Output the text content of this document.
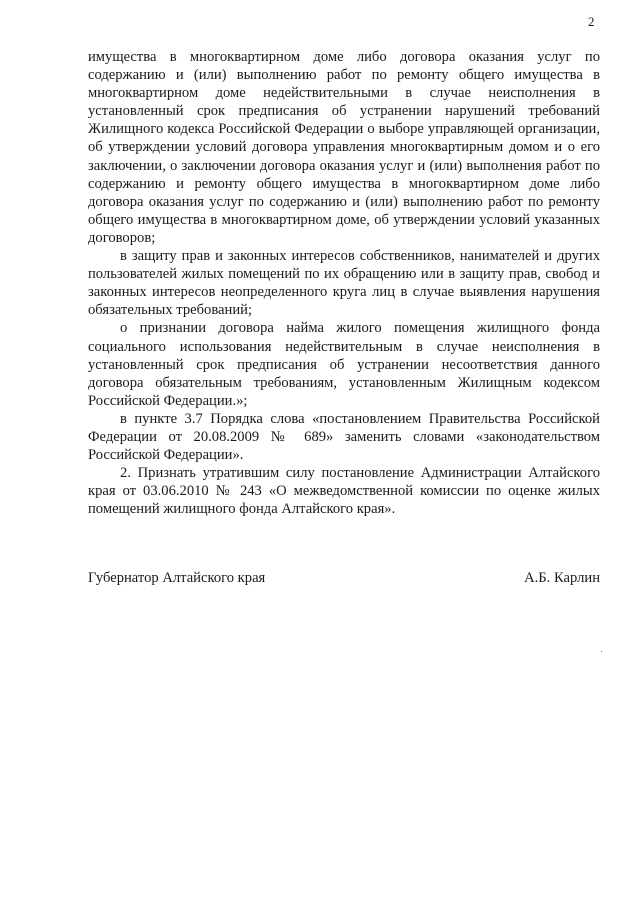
2

имущества в многоквартирном доме либо договора оказания услуг по содержанию и (или) выполнению работ по ремонту общего имущества в многоквартирном доме недействительными в случае неисполнения в установленный срок предписания об устранении нарушений требований Жилищного кодекса Российской Федерации о выборе управляющей организации, об утверждении условий договора управления многоквартирным домом и о его заключении, о заключении договора оказания услуг и (или) выполнения работ по содержанию и ремонту общего имущества в многоквартирном доме либо договора оказания услуг по содержанию и (или) выполнению работ по ремонту общего имущества в многоквартирном доме, об утверждении условий указанных договоров;

в защиту прав и законных интересов собственников, нанимателей и других пользователей жилых помещений по их обращению или в защиту прав, свобод и законных интересов неопределенного круга лиц в случае выявления нарушения обязательных требований;

о признании договора найма жилого помещения жилищного фонда социального использования недействительным в случае неисполнения в установленный срок предписания об устранении несоответствия данного договора обязательным требованиям, установленным Жилищным кодексом Российской Федерации.»;

в пункте 3.7 Порядка слова «постановлением Правительства Российской Федерации от 20.08.2009 № 689» заменить словами «законодательством Российской Федерации».

2. Признать утратившим силу постановление Администрации Алтайского края от 03.06.2010 № 243 «О межведомственной комиссии по оценке жилых помещений жилищного фонда Алтайского края».

Губернатор Алтайского края	А.Б. Карлин
